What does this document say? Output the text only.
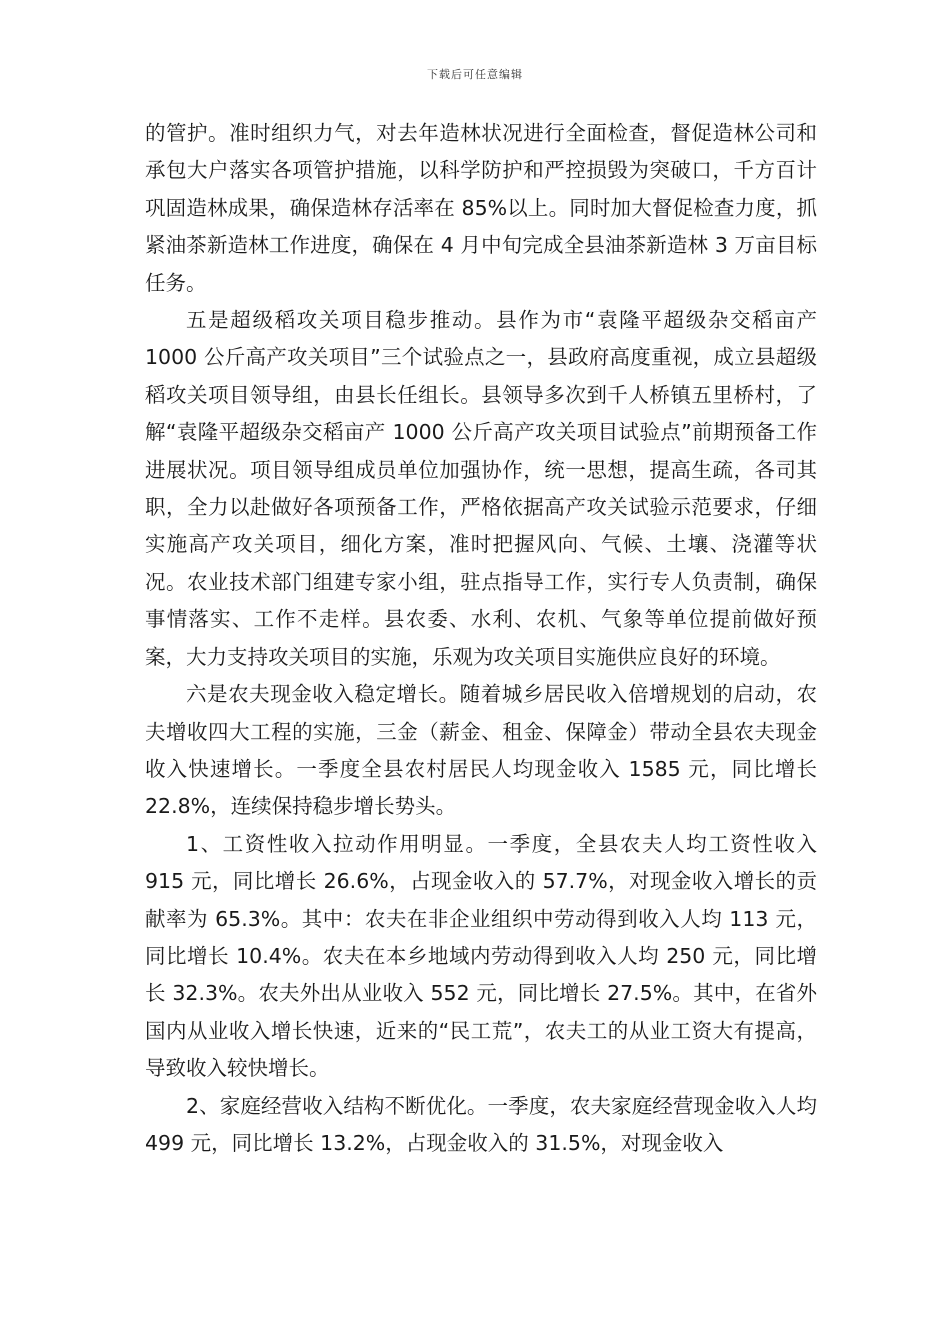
下载后可任意编辑

的管护。准时组织力气，对去年造林状况进行全面检查，督促造林公司和承包大户落实各项管护措施，以科学防护和严控损毁为突破口，千方百计巩固造林成果，确保造林存活率在 85%以上。同时加大督促检查力度，抓紧油茶新造林工作进度，确保在 4 月中旬完成全县油茶新造林 3 万亩目标任务。

五是超级稻攻关项目稳步推动。县作为市“袁隆平超级杂交稻亩产 1000 公斤高产攻关项目”三个试验点之一，县政府高度重视，成立县超级稻攻关项目领导组，由县长任组长。县领导多次到千人桥镇五里桥村，了解“袁隆平超级杂交稻亩产 1000 公斤高产攻关项目试验点”前期预备工作进展状况。项目领导组成员单位加强协作，统一思想，提高生疏，各司其职，全力以赴做好各项预备工作，严格依据高产攻关试验示范要求，仔细实施高产攻关项目，细化方案，准时把握风向、气候、土壤、浇灌等状况。农业技术部门组建专家小组，驻点指导工作，实行专人负责制，确保事情落实、工作不走样。县农委、水利、农机、气象等单位提前做好预案，大力支持攻关项目的实施，乐观为攻关项目实施供应良好的环境。

六是农夫现金收入稳定增长。随着城乡居民收入倍增规划的启动，农夫增收四大工程的实施，三金（薪金、租金、保障金）带动全县农夫现金收入快速增长。一季度全县农村居民人均现金收入 1585 元，同比增长 22.8%，连续保持稳步增长势头。

1、工资性收入拉动作用明显。一季度，全县农夫人均工资性收入 915 元，同比增长 26.6%，占现金收入的 57.7%，对现金收入增长的贡献率为 65.3%。其中：农夫在非企业组织中劳动得到收入人均 113 元，同比增长 10.4%。农夫在本乡地域内劳动得到收入人均 250 元，同比增长 32.3%。农夫外出从业收入 552 元，同比增长 27.5%。其中，在省外国内从业收入增长快速，近来的“民工荒”，农夫工的从业工资大有提高，导致收入较快增长。

2、家庭经营收入结构不断优化。一季度，农夫家庭经营现金收入人均 499 元，同比增长 13.2%，占现金收入的 31.5%，对现金收入
